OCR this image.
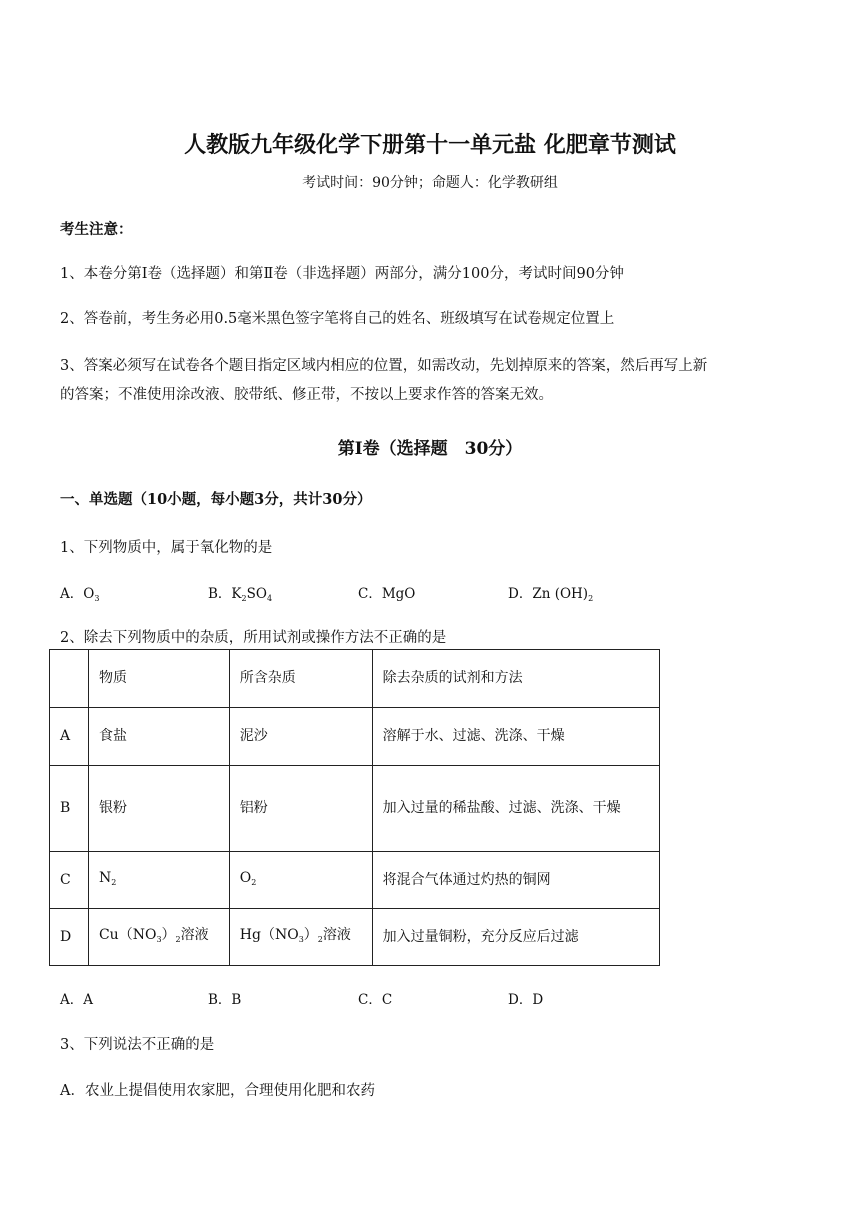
人教版九年级化学下册第十一单元盐 化肥章节测试
考试时间：90分钟；命题人：化学教研组
考生注意：
1、本卷分第I卷（选择题）和第Ⅱ卷（非选择题）两部分，满分100分，考试时间90分钟
2、答卷前，考生务必用0.5毫米黑色签字笔将自己的姓名、班级填写在试卷规定位置上
3、答案必须写在试卷各个题目指定区域内相应的位置，如需改动，先划掉原来的答案，然后再写上新
的答案；不准使用涂改液、胶带纸、修正带，不按以上要求作答的答案无效。
第I卷（选择题　30分）
一、单选题（10小题，每小题3分，共计30分）
1、下列物质中，属于氧化物的是
A．$O_3$	B．$K_2SO_4$	C．MgO	D．Zn $(OH)_2$
2、除去下列物质中的杂质，所用试剂或操作方法不正确的是
	物质	所含杂质	除去杂质的试剂和方法
A	食盐	泥沙	溶解于水、过滤、洗涤、干燥
B	银粉	铝粉	加入过量的稀盐酸、过滤、洗涤、干燥
C	$N_2$	$O_2$	将混合气体通过灼热的铜网
D	$Cu(NO_3)_2$溶液	$Hg(NO_3)_2$溶液	加入过量铜粉，充分反应后过滤
A．A	B．B	C．C	D．D
3、下列说法不正确的是
A．农业上提倡使用农家肥，合理使用化肥和农药
